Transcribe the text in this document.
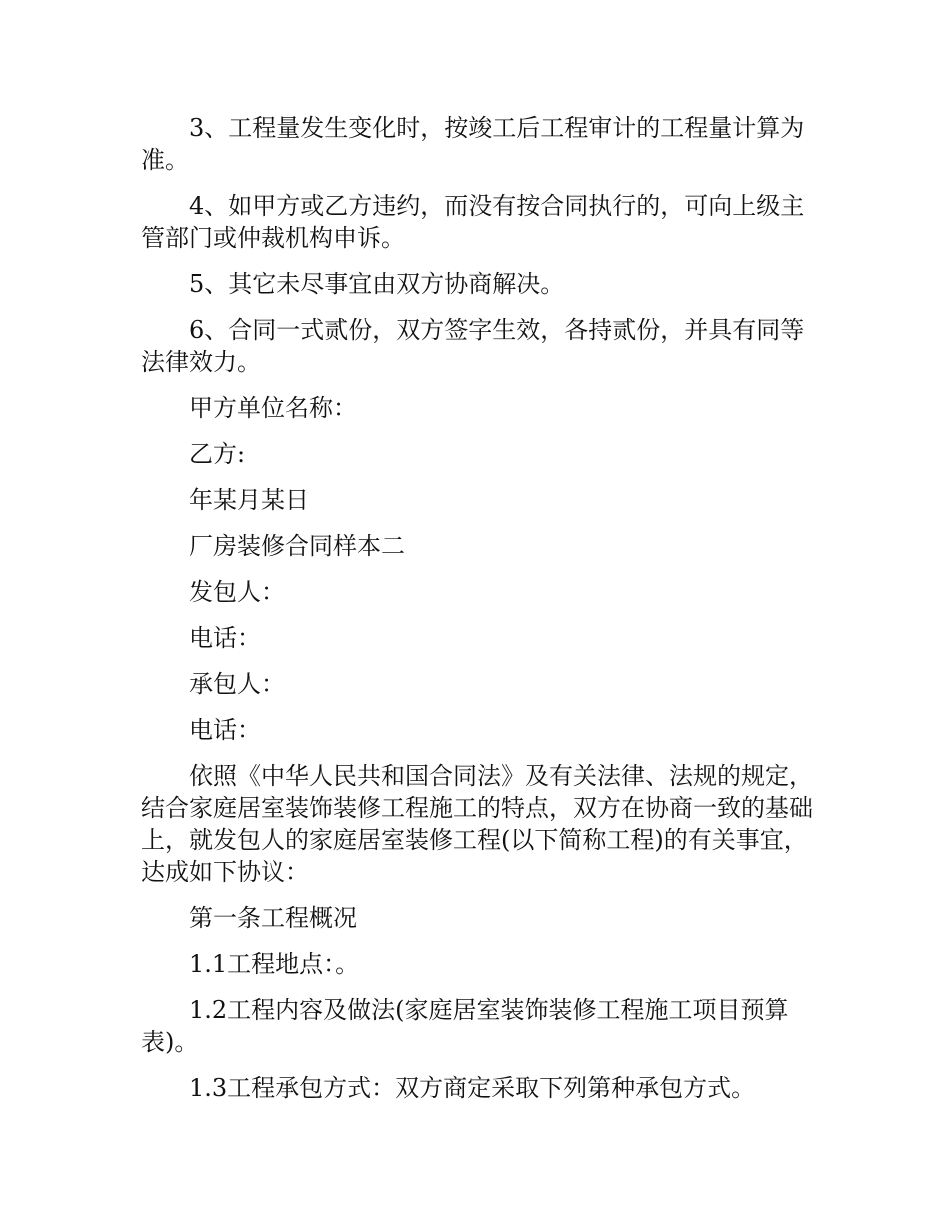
3、工程量发生变化时，按竣工后工程审计的工程量计算为准。

4、如甲方或乙方违约，而没有按合同执行的，可向上级主管部门或仲裁机构申诉。

5、其它未尽事宜由双方协商解决。

6、合同一式贰份，双方签字生效，各持贰份，并具有同等法律效力。

甲方单位名称：

乙方:

年某月某日

厂房装修合同样本二

发包人：

电话：

承包人：

电话：

依照《中华人民共和国合同法》及有关法律、法规的规定，结合家庭居室装饰装修工程施工的特点，双方在协商一致的基础上，就发包人的家庭居室装修工程(以下简称工程)的有关事宜，达成如下协议：

第一条工程概况

1.1工程地点：。

1.2工程内容及做法(家庭居室装饰装修工程施工项目预算表)。

1.3工程承包方式：双方商定采取下列第种承包方式。
